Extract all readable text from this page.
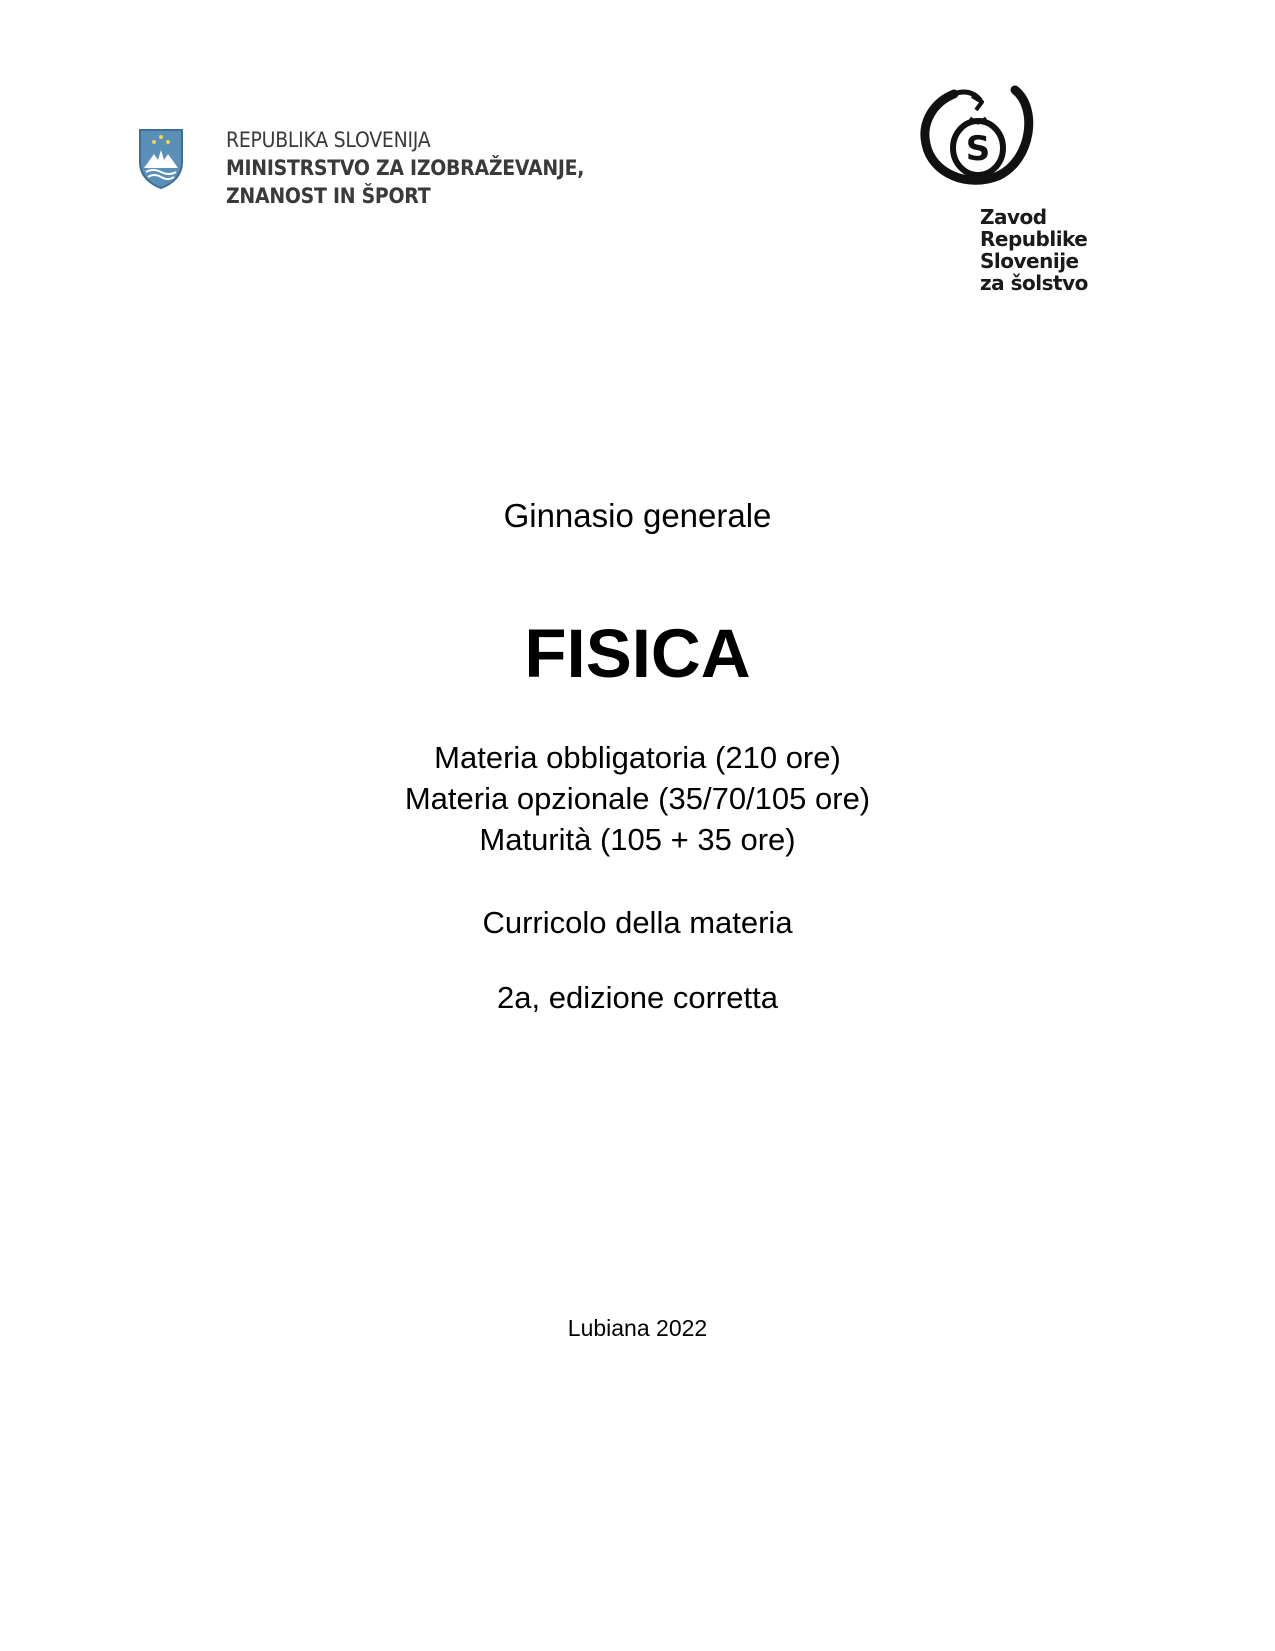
REPUBLIKA SLOVENIJA
MINISTRSTVO ZA IZOBRAŽEVANJE,
ZNANOST IN ŠPORT
S
Zavod
Republike
Slovenije
za šolstvo
Ginnasio generale
FISICA
Materia obbligatoria (210 ore)
Materia opzionale (35/70/105 ore)
Maturità (105 + 35 ore)
Curricolo della materia
2a, edizione corretta
Lubiana 2022
